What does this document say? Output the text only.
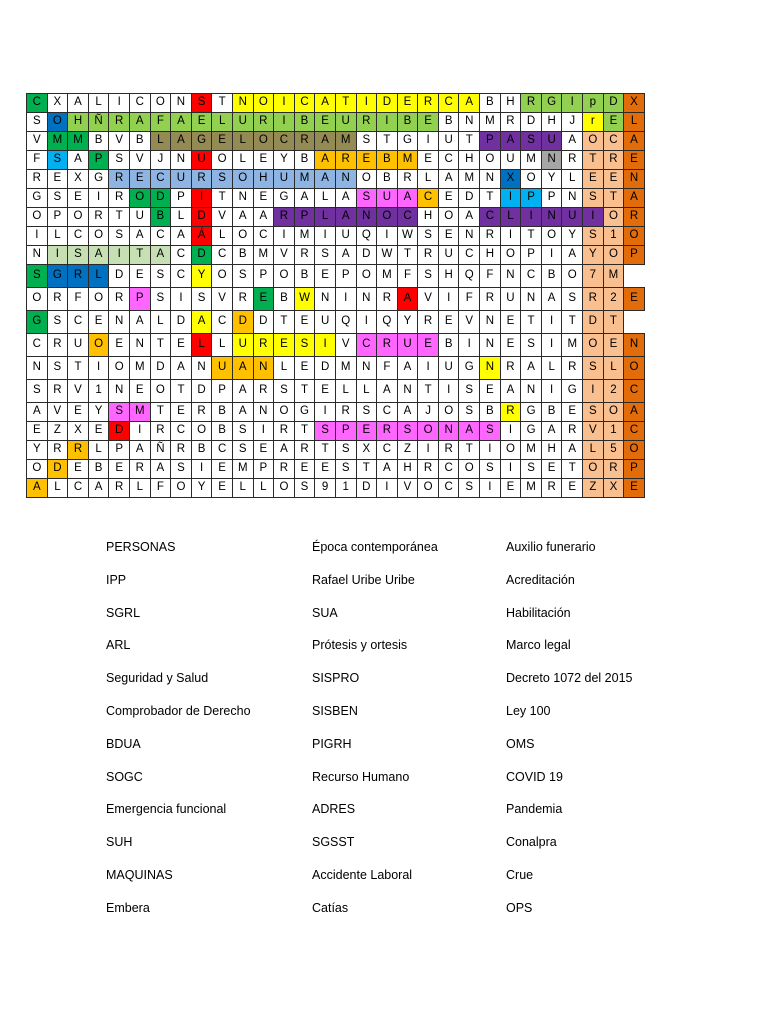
C	X	A	L	I	C	O	N	S	T	N	O	I	C	A	T	I	D	E	R	C	A	B	H	R	G	I	p	D	X
S	O	H	Ñ	R	A	F	A	E	L	U	R	I	B	E	U	R	I	B	E	B	N	M	R	D	H	J	r	E	L
V	M	M	B	V	B	L	A	G	E	L	O	C	R	A	M	S	T	G	I	U	T	P	A	S	U	A	O	C	A
F	S	A	P	S	V	J	N	U	O	L	E	Y	B	A	R	E	B	M	E	C	H	O	U	M	N	R	T	R	E
R	E	X	G	R	E	C	U	R	S	O	H	U	M	A	N	O	B	R	L	A	M	N	X	O	Y	L	E	E	N
G	S	E	I	R	O	D	P	I	T	N	E	G	A	L	A	S	U	A	C	E	D	T	I	P	P	N	S	T	A
O	P	O	R	T	U	B	L	D	V	A	A	R	P	L	A	N	O	C	H	O	A	C	L	I	N	U	I	O	R
I	L	C	O	S	A	C	A	Á	L	O	C	I	M	I	U	Q	I	W	S	E	N	R	I	T	O	Y	S	1	O
N	I	S	A	I	T	A	C	D	C	B	M	V	R	S	A	D	W	T	R	U	C	H	O	P	I	A	Y	O	P
S	G	R	L	D	E	S	C	Y	O	S	P	O	B	E	P	O	M	F	S	H	Q	F	N	C	B	O	7	M	
O	R	F	O	R	P	S	I	S	V	R	E	B	W	N	I	N	R	A	V	I	F	R	U	N	A	S	R	2	E
G	S	C	E	N	A	L	D	A	C	D	D	T	E	U	Q	I	Q	Y	R	E	V	N	E	T	I	T	D	T	
C	R	U	O	E	N	T	E	L	L	U	R	E	S	I	V	C	R	U	E	B	I	N	E	S	I	M	O	E	N
N	S	T	I	O	M	D	A	N	U	A	N	L	E	D	M	N	F	A	I	U	G	N	R	A	L	R	S	L	O
S	R	V	1	N	E	O	T	D	P	A	R	S	T	E	L	L	A	N	T	I	S	E	A	N	I	G	I	2	C
A	V	E	Y	S	M	T	E	R	B	A	N	O	G	I	R	S	C	A	J	O	S	B	R	G	B	E	S	O	A
E	Z	X	E	D	I	R	C	O	B	S	I	R	T	S	P	E	R	S	O	N	A	S	I	G	A	R	V	1	C
Y	R	R	L	P	A	Ñ	R	B	C	S	E	A	R	T	S	X	C	Z	I	R	T	I	O	M	H	A	L	5	O
O	D	E	B	E	R	A	S	I	E	M	P	R	E	E	S	T	A	H	R	C	O	S	I	S	E	T	O	R	P
A	L	C	A	R	L	F	O	Y	E	L	L	O	S	9	1	D	I	V	O	C	S	I	E	M	R	E	Z	X	E
PERSONAS
IPP
SGRL
ARL
Seguridad y Salud
Comprobador de Derecho
BDUA
SOGC
Emergencia funcional
SUH
MAQUINAS
Embera
Época contemporánea
Rafael Uribe Uribe
SUA
Prótesis y ortesis
SISPRO
SISBEN
PIGRH
Recurso Humano
ADRES
SGSST
Accidente Laboral
Catías
Auxilio funerario
Acreditación
Habilitación
Marco legal
Decreto 1072 del 2015
Ley 100
OMS
COVID 19
Pandemia
Conalpra
Crue
OPS
